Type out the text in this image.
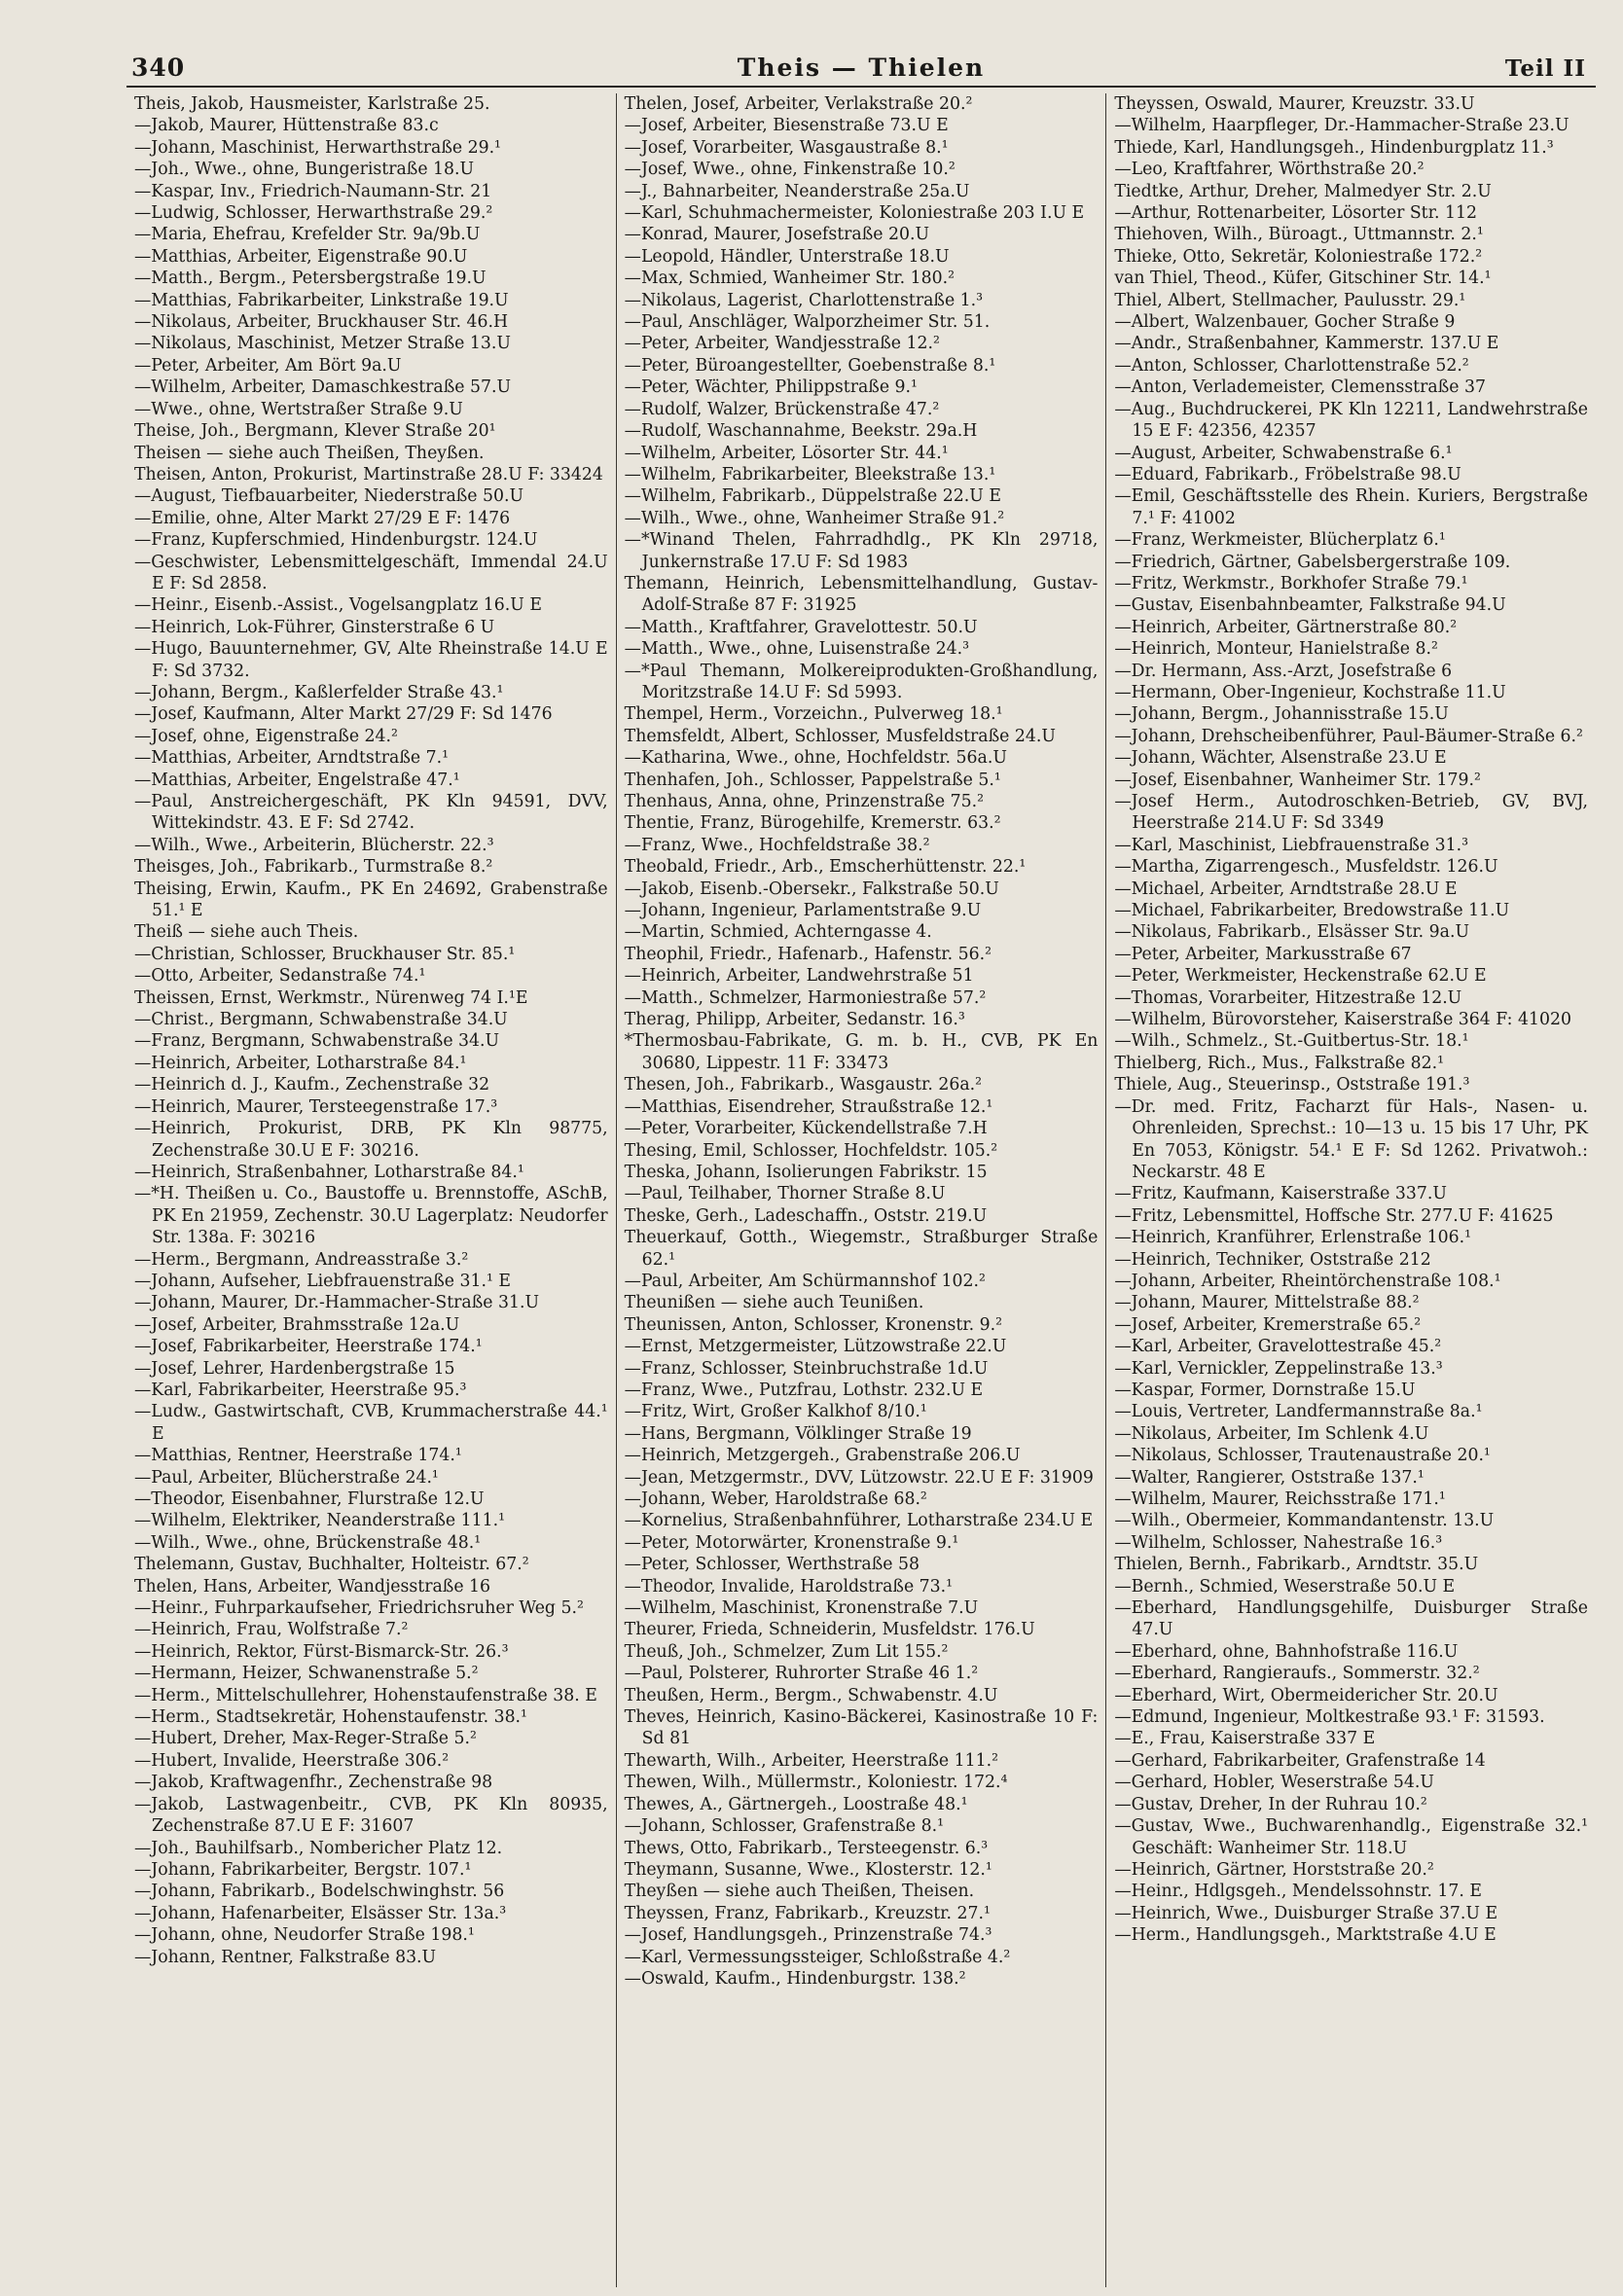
340	Theis — Thielen	Teil II
Theis, Jakob, Hausmeister, Karlstraße 25.
—Jakob, Maurer, Hüttenstraße 83.c
—Johann, Maschinist, Herwarthstraße 29.¹
—Joh., Wwe., ohne, Bungeristraße 18.U
—Kaspar, Inv., Friedrich-Naumann-Str. 21
—Ludwig, Schlosser, Herwarthstraße 29.²
—Maria, Ehefrau, Krefelder Str. 9a/9b.U
—Matthias, Arbeiter, Eigenstraße 90.U
—Matth., Bergm., Petersbergstraße 19.U
—Matthias, Fabrikarbeiter, Linkstraße 19.U
—Nikolaus, Arbeiter, Bruckhauser Str. 46.H
—Nikolaus, Maschinist, Metzer Straße 13.U
—Peter, Arbeiter, Am Bört 9a.U
—Wilhelm, Arbeiter, Damaschkestraße 57.U
—Wwe., ohne, Wertstraßer Straße 9.U
Theise, Joh., Bergmann, Klever Straße 20¹
Theisen — siehe auch Theißen, Theyßen.
Theisen, Anton, Prokurist, Martinstraße 28.U F: 33424
—August, Tiefbauarbeiter, Niederstraße 50.U
—Emilie, ohne, Alter Markt 27/29 E F: 1476
—Franz, Kupferschmied, Hindenburgstr. 124.U
—Geschwister, Lebensmittelgeschäft, Immendal 24.U E F: Sd 2858.
—Heinr., Eisenb.-Assist., Vogelsangplatz 16.U E
—Heinrich, Lok-Führer, Ginsterstraße 6 U
—Hugo, Bauunternehmer, GV, Alte Rheinstraße 14.U E F: Sd 3732.
—Johann, Bergm., Kaßlerfelder Straße 43.¹
—Josef, Kaufmann, Alter Markt 27/29 F: Sd 1476
—Josef, ohne, Eigenstraße 24.²
—Matthias, Arbeiter, Arndtstraße 7.¹
—Matthias, Arbeiter, Engelstraße 47.¹
—Paul, Anstreichergeschäft, PK Kln 94591, DVV, Wittekindstr. 43. E F: Sd 2742.
—Wilh., Wwe., Arbeiterin, Blücherstr. 22.³
Theisges, Joh., Fabrikarb., Turmstraße 8.²
Theising, Erwin, Kaufm., PK En 24692, Grabenstraße 51.¹ E
Theiß — siehe auch Theis.
—Christian, Schlosser, Bruckhauser Str. 85.¹
—Otto, Arbeiter, Sedanstraße 74.¹
Theissen, Ernst, Werkmstr., Nürenweg 74 I.¹E
—Christ., Bergmann, Schwabenstraße 34.U
—Franz, Bergmann, Schwabenstraße 34.U
—Heinrich, Arbeiter, Lotharstraße 84.¹
—Heinrich d. J., Kaufm., Zechenstraße 32
—Heinrich, Maurer, Tersteegenstraße 17.³
—Heinrich, Prokurist, DRB, PK Kln 98775, Zechenstraße 30.U E F: 30216.
—Heinrich, Straßenbahner, Lotharstraße 84.¹
—*H. Theißen u. Co., Baustoffe u. Brennstoffe, ASchB, PK En 21959, Zechenstr. 30.U Lagerplatz: Neudorfer Str. 138a. F: 30216
—Herm., Bergmann, Andreasstraße 3.²
—Johann, Aufseher, Liebfrauenstraße 31.¹ E
—Johann, Maurer, Dr.-Hammacher-Straße 31.U
—Josef, Arbeiter, Brahmsstraße 12a.U
—Josef, Fabrikarbeiter, Heerstraße 174.¹
—Josef, Lehrer, Hardenbergstraße 15
—Karl, Fabrikarbeiter, Heerstraße 95.³
—Ludw., Gastwirtschaft, CVB, Krummacherstraße 44.¹ E
—Matthias, Rentner, Heerstraße 174.¹
—Paul, Arbeiter, Blücherstraße 24.¹
—Theodor, Eisenbahner, Flurstraße 12.U
—Wilhelm, Elektriker, Neanderstraße 111.¹
—Wilh., Wwe., ohne, Brückenstraße 48.¹
Thelemann, Gustav, Buchhalter, Holteistr. 67.²
Thelen, Hans, Arbeiter, Wandjesstraße 16
—Heinr., Fuhrparkaufseher, Friedrichsruher Weg 5.²
—Heinrich, Frau, Wolfstraße 7.²
—Heinrich, Rektor, Fürst-Bismarck-Str. 26.³
—Hermann, Heizer, Schwanenstraße 5.²
—Herm., Mittelschullehrer, Hohenstaufenstraße 38. E
—Herm., Stadtsekretär, Hohenstaufenstr. 38.¹
—Hubert, Dreher, Max-Reger-Straße 5.²
—Hubert, Invalide, Heerstraße 306.²
—Jakob, Kraftwagenfhr., Zechenstraße 98
—Jakob, Lastwagenbeitr., CVB, PK Kln 80935, Zechenstraße 87.U E F: 31607
—Joh., Bauhilfsarb., Nombericher Platz 12.
—Johann, Fabrikarbeiter, Bergstr. 107.¹
—Johann, Fabrikarb., Bodelschwinghstr. 56
—Johann, Hafenarbeiter, Elsässer Str. 13a.³
—Johann, ohne, Neudorfer Straße 198.¹
—Johann, Rentner, Falkstraße 83.U
Thelen, Josef, Arbeiter, Verlakstraße 20.²
—Josef, Arbeiter, Biesenstraße 73.U E
—Josef, Vorarbeiter, Wasgaustraße 8.¹
—Josef, Wwe., ohne, Finkenstraße 10.²
—J., Bahnarbeiter, Neanderstraße 25a.U
—Karl, Schuhmachermeister, Koloniestraße 203 I.U E
—Konrad, Maurer, Josefstraße 20.U
—Leopold, Händler, Unterstraße 18.U
—Max, Schmied, Wanheimer Str. 180.²
—Nikolaus, Lagerist, Charlottenstraße 1.³
—Paul, Anschläger, Walporzheimer Str. 51.
—Peter, Arbeiter, Wandjesstraße 12.²
—Peter, Büroangestellter, Goebenstraße 8.¹
—Peter, Wächter, Philippstraße 9.¹
—Rudolf, Walzer, Brückenstraße 47.²
—Rudolf, Waschannahme, Beekstr. 29a.H
—Wilhelm, Arbeiter, Lösorter Str. 44.¹
—Wilhelm, Fabrikarbeiter, Bleekstraße 13.¹
—Wilhelm, Fabrikarb., Düppelstraße 22.U E
—Wilh., Wwe., ohne, Wanheimer Straße 91.²
—*Winand Thelen, Fahrradhdlg., PK Kln 29718, Junkernstraße 17.U F: Sd 1983
Themann, Heinrich, Lebensmittelhandlung, Gustav-Adolf-Straße 87 F: 31925
—Matth., Kraftfahrer, Gravelottestr. 50.U
—Matth., Wwe., ohne, Luisenstraße 24.³
—*Paul Themann, Molkereiprodukten-Großhandlung, Moritzstraße 14.U F: Sd 5993.
Thempel, Herm., Vorzeichn., Pulverweg 18.¹
Themsfeldt, Albert, Schlosser, Musfeldstraße 24.U
—Katharina, Wwe., ohne, Hochfeldstr. 56a.U
Thenhafen, Joh., Schlosser, Pappelstraße 5.¹
Thenhaus, Anna, ohne, Prinzenstraße 75.²
Thentie, Franz, Bürogehilfe, Kremerstr. 63.²
—Franz, Wwe., Hochfeldstraße 38.²
Theobald, Friedr., Arb., Emscherhüttenstr. 22.¹
—Jakob, Eisenb.-Obersekr., Falkstraße 50.U
—Johann, Ingenieur, Parlamentstraße 9.U
—Martin, Schmied, Achterngasse 4.
Theophil, Friedr., Hafenarb., Hafenstr. 56.²
—Heinrich, Arbeiter, Landwehrstraße 51
—Matth., Schmelzer, Harmoniestraße 57.²
Therag, Philipp, Arbeiter, Sedanstr. 16.³
*Thermosbau-Fabrikate, G. m. b. H., CVB, PK En 30680, Lippestr. 11 F: 33473
Thesen, Joh., Fabrikarb., Wasgaustr. 26a.²
—Matthias, Eisendreher, Straußstraße 12.¹
—Peter, Vorarbeiter, Kückendellstraße 7.H
Thesing, Emil, Schlosser, Hochfeldstr. 105.²
Theska, Johann, Isolierungen Fabrikstr. 15
—Paul, Teilhaber, Thorner Straße 8.U
Theske, Gerh., Ladeschaffn., Oststr. 219.U
Theuerkauf, Gotth., Wiegemstr., Straßburger Straße 62.¹
—Paul, Arbeiter, Am Schürmannshof 102.²
Theunißen — siehe auch Teunißen.
Theunissen, Anton, Schlosser, Kronenstr. 9.²
—Ernst, Metzgermeister, Lützowstraße 22.U
—Franz, Schlosser, Steinbruchstraße 1d.U
—Franz, Wwe., Putzfrau, Lothstr. 232.U E
—Fritz, Wirt, Großer Kalkhof 8/10.¹
—Hans, Bergmann, Völklinger Straße 19
—Heinrich, Metzgergeh., Grabenstraße 206.U
—Jean, Metzgermstr., DVV, Lützowstr. 22.U E F: 31909
—Johann, Weber, Haroldstraße 68.²
—Kornelius, Straßenbahnführer, Lotharstraße 234.U E
—Peter, Motorwärter, Kronenstraße 9.¹
—Peter, Schlosser, Werthstraße 58
—Theodor, Invalide, Haroldstraße 73.¹
—Wilhelm, Maschinist, Kronenstraße 7.U
Theurer, Frieda, Schneiderin, Musfeldstr. 176.U
Theuß, Joh., Schmelzer, Zum Lit 155.²
—Paul, Polsterer, Ruhrorter Straße 46 1.²
Theußen, Herm., Bergm., Schwabenstr. 4.U
Theves, Heinrich, Kasino-Bäckerei, Kasinostraße 10 F: Sd 81
Thewarth, Wilh., Arbeiter, Heerstraße 111.²
Thewen, Wilh., Müllermstr., Koloniestr. 172.⁴
Thewes, A., Gärtnergeh., Loostraße 48.¹
—Johann, Schlosser, Grafenstraße 8.¹
Thews, Otto, Fabrikarb., Tersteegenstr. 6.³
Theymann, Susanne, Wwe., Klosterstr. 12.¹
Theyßen — siehe auch Theißen, Theisen.
Theyssen, Franz, Fabrikarb., Kreuzstr. 27.¹
—Josef, Handlungsgeh., Prinzenstraße 74.³
—Karl, Vermessungssteiger, Schloßstraße 4.²
—Oswald, Kaufm., Hindenburgstr. 138.²
Theyssen, Oswald, Maurer, Kreuzstr. 33.U
—Wilhelm, Haarpfleger, Dr.-Hammacher-Straße 23.U
Thiede, Karl, Handlungsgeh., Hindenburgplatz 11.³
—Leo, Kraftfahrer, Wörthstraße 20.²
Tiedtke, Arthur, Dreher, Malmedyer Str. 2.U
—Arthur, Rottenarbeiter, Lösorter Str. 112
Thiehoven, Wilh., Büroagt., Uttmannstr. 2.¹
Thieke, Otto, Sekretär, Koloniestraße 172.²
van Thiel, Theod., Küfer, Gitschiner Str. 14.¹
Thiel, Albert, Stellmacher, Paulusstr. 29.¹
—Albert, Walzenbauer, Gocher Straße 9
—Andr., Straßenbahner, Kammerstr. 137.U E
—Anton, Schlosser, Charlottenstraße 52.²
—Anton, Verlademeister, Clemensstraße 37
—Aug., Buchdruckerei, PK Kln 12211, Landwehrstraße 15 E F: 42356, 42357
—August, Arbeiter, Schwabenstraße 6.¹
—Eduard, Fabrikarb., Fröbelstraße 98.U
—Emil, Geschäftsstelle des Rhein. Kuriers, Bergstraße 7.¹ F: 41002
—Franz, Werkmeister, Blücherplatz 6.¹
—Friedrich, Gärtner, Gabelsbergerstraße 109.
—Fritz, Werkmstr., Borkhofer Straße 79.¹
—Gustav, Eisenbahnbeamter, Falkstraße 94.U
—Heinrich, Arbeiter, Gärtnerstraße 80.²
—Heinrich, Monteur, Hanielstraße 8.²
—Dr. Hermann, Ass.-Arzt, Josefstraße 6
—Hermann, Ober-Ingenieur, Kochstraße 11.U
—Johann, Bergm., Johannisstraße 15.U
—Johann, Drehscheibenführer, Paul-Bäumer-Straße 6.²
—Johann, Wächter, Alsenstraße 23.U E
—Josef, Eisenbahner, Wanheimer Str. 179.²
—Josef Herm., Autodroschken-Betrieb, GV, BVJ, Heerstraße 214.U F: Sd 3349
—Karl, Maschinist, Liebfrauenstraße 31.³
—Martha, Zigarrengesch., Musfeldstr. 126.U
—Michael, Arbeiter, Arndtstraße 28.U E
—Michael, Fabrikarbeiter, Bredowstraße 11.U
—Nikolaus, Fabrikarb., Elsässer Str. 9a.U
—Peter, Arbeiter, Markusstraße 67
—Peter, Werkmeister, Heckenstraße 62.U E
—Thomas, Vorarbeiter, Hitzestraße 12.U
—Wilhelm, Bürovorsteher, Kaiserstraße 364 F: 41020
—Wilh., Schmelz., St.-Guitbertus-Str. 18.¹
Thielberg, Rich., Mus., Falkstraße 82.¹
Thiele, Aug., Steuerinsp., Oststraße 191.³
—Dr. med. Fritz, Facharzt für Hals-, Nasen- u. Ohrenleiden, Sprechst.: 10—13 u. 15 bis 17 Uhr, PK En 7053, Königstr. 54.¹ E F: Sd 1262. Privatwoh.: Neckarstr. 48 E
—Fritz, Kaufmann, Kaiserstraße 337.U
—Fritz, Lebensmittel, Hoffsche Str. 277.U F: 41625
—Heinrich, Kranführer, Erlenstraße 106.¹
—Heinrich, Techniker, Oststraße 212
—Johann, Arbeiter, Rheintörchenstraße 108.¹
—Johann, Maurer, Mittelstraße 88.²
—Josef, Arbeiter, Kremerstraße 65.²
—Karl, Arbeiter, Gravelottestraße 45.²
—Karl, Vernickler, Zeppelinstraße 13.³
—Kaspar, Former, Dornstraße 15.U
—Louis, Vertreter, Landfermannstraße 8a.¹
—Nikolaus, Arbeiter, Im Schlenk 4.U
—Nikolaus, Schlosser, Trautenaustraße 20.¹
—Walter, Rangierer, Oststraße 137.¹
—Wilhelm, Maurer, Reichsstraße 171.¹
—Wilh., Obermeier, Kommandantenstr. 13.U
—Wilhelm, Schlosser, Nahestraße 16.³
Thielen, Bernh., Fabrikarb., Arndtstr. 35.U
—Bernh., Schmied, Weserstraße 50.U E
—Eberhard, Handlungsgehilfe, Duisburger Straße 47.U
—Eberhard, ohne, Bahnhofstraße 116.U
—Eberhard, Rangieraufs., Sommerstr. 32.²
—Eberhard, Wirt, Obermeidericher Str. 20.U
—Edmund, Ingenieur, Moltkestraße 93.¹ F: 31593.
—E., Frau, Kaiserstraße 337 E
—Gerhard, Fabrikarbeiter, Grafenstraße 14
—Gerhard, Hobler, Weserstraße 54.U
—Gustav, Dreher, In der Ruhrau 10.²
—Gustav, Wwe., Buchwarenhandlg., Eigenstraße 32.¹ Geschäft: Wanheimer Str. 118.U
—Heinrich, Gärtner, Horststraße 20.²
—Heinr., Hdlgsgeh., Mendelssohnstr. 17. E
—Heinrich, Wwe., Duisburger Straße 37.U E
—Herm., Handlungsgeh., Marktstraße 4.U E
